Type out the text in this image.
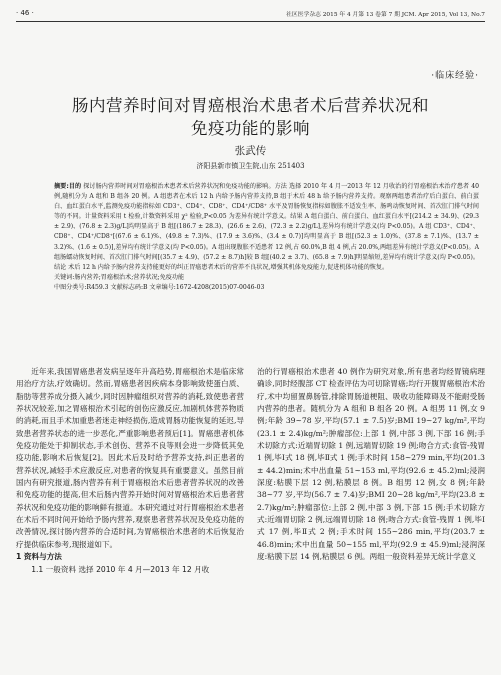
· 46 ·	社区医学杂志 2015 年 4 月第 13 卷第 7 期 JCM. Apr 2015, Vol 13, No.7
·临床经验·
肠内营养时间对胃癌根治术患者术后营养状况和
免疫功能的影响
张武传
济阳县新市镇卫生院,山东 251403

摘要:目的 探讨肠内营养时间对胃癌根治术患者术后营养状况和免疫功能的影响。方法 选择 2010 年 4 月一2013 年 12 月收治的行胃癌根治术治疗患者 40 例,随机分为 A 组和 B 组各 20 例。A 组患者在术后 12 h 内给予肠内营养支持,B 组于术后 48 h 给予肠内营养支持。观察两组患者治疗后白蛋白、前白蛋白、血红蛋白水平,监测免疫功能指标如 CD3⁺、CD4⁺、CD8⁺、CD4⁺/CD8⁺ 水平及胃肠恢复指标如腹胀不适发生率、肠鸣动恢复时间、首次肛门排气时间等的不同。计量资料采用 t 检验,计数资料采用 χ² 检验,P<0.05 为差异有统计学意义。结果 A 组白蛋白、前白蛋白、血红蛋白水平[(214.2 ± 34.9)、(29.3 ± 2.9)、(76.8 ± 2.3)g/L]均明显高于 B 组[(186.7 ± 28.3)、(26.6 ± 2.6)、(72.3 ± 2.2)g/L],差异均有统计学意义(均 P<0.05)。A 组 CD3⁺、CD4⁺、CD8⁺、CD4⁺/CD8⁺[(67.6 ± 6.1)%、(49.8 ± 7.3)%、(17.9 ± 3.6)%、(3.4 ± 0.7)]均明显高于 B 组[(52.3 ± 1.0)%、(37.8 ± 7.1)%、(13.7 ± 3.2)%、(1.6 ± 0.5)],差异均有统计学意义(均 P<0.05)。A 组出现腹胀不适患者 12 例,占 60.0%,B 组 4 例,占 20.0%,两组差异有统计学意义(P<0.05)。A 组肠蠕动恢复时间、首次肛门排气时间[(35.7 ± 4.9)、(57.2 ± 8.7)h]较 B 组[(40.2 ± 3.7)、(65.8 ± 7.9)h]明显缩短,差异均有统计学意义(均 P<0.05)。结论 术后 12 h 内给予肠内营养支持能更好的纠正胃癌患者术后的营养不良状况,增强其机体免疫能力,促进机体功能的恢复。

关键词:肠内营养;胃癌根治术;营养状况;免疫功能

中图分类号:R459.3 文献标志码:B 文章编号:1672-4208(2015)07-0046-03

近年来,我国胃癌患者发病呈逐年升高趋势,胃癌根治术是临床常用治疗方法,疗效确切。然而,胃癌患者因疾病本身影响致使蛋白质、脂肪等营养成分摄入减少,同时因肿瘤组织对营养的消耗,致使患者营养状况较差,加之胃癌根治术引起的创伤应激反应,加剧机体营养物质的消耗,而且手术加重患者迷走神经损伤,造成胃肠功能恢复的延迟,导致患者营养状态的进一步恶化,严重影响患者预后[1]。胃癌患者机体免疫功能处于抑制状态,手术创伤、营养不良等则会进一步降低其免疫功能,影响术后恢复[2]。因此术后及时给予营养支持,纠正患者的营养状况,减轻手术应激反应,对患者的恢复具有重要意义。虽然目前国内有研究报道,肠内营养有利于胃癌根治术后患者营养状况的改善和免疫功能的提高,但术后肠内营养开始时间对胃癌根治术后患者营养状况和免疫功能的影响鲜有报道。本研究通过对行胃癌根治术患者在术后不同时间开始给予肠内营养,观察患者营养状况及免疫功能的改善情况,探讨肠内营养的合适时间,为胃癌根治术患者的术后恢复治疗提供临床参考,现报道如下。

1 资料与方法

1.1 一般资料 选择 2010 年 4 月—2013 年 12 月收

治的行胃癌根治术患者 40 例作为研究对象,所有患者均经胃镜病理确诊,同时经腹部 CT 检查评估为可切除胃癌;均行开腹胃癌根治术治疗,术中均留置鼻肠管,排除胃肠道梗阻、吸收功能障碍及不能耐受肠内营养的患者。随机分为 A 组和 B 组各 20 例。A 组男 11 例,女 9 例;年龄 39~78 岁,平均(57.1 ± 7.5)岁;BMI 19~27 kg/m²,平均(23.1 ± 2.4)kg/m²;肿瘤部位:上部 1 例,中部 3 例,下部 16 例;手术切除方式:近端胃切除 1 例,远端胃切除 19 例;吻合方式:食管-残胃 1 例,毕Ⅰ式 18 例,毕Ⅱ式 1 例;手术时间 158~279 min,平均(201.3 ± 44.2)min;术中出血量 51~153 ml,平均(92.6 ± 45.2)ml;浸润深度:粘膜下层 12 例,粘膜层 8 例。B 组男 12 例,女 8 例;年龄 38~77 岁,平均(56.7 ± 7.4)岁;BMI 20~28 kg/m²,平均(23.8 ± 2.7)kg/m²;肿瘤部位:上部 2 例,中部 3 例,下部 15 例;手术切除方式:近端胃切除 2 例,远端胃切除 18 例;吻合方式:食管-残胃 1 例,毕Ⅰ式 17 例,毕Ⅱ式 2 例;手术时间 155~286 min,平均(203.7 ± 46.8)min;术中出血量 50~155 ml,平均(92.9 ± 45.9)ml;浸润深度:粘膜下层 14 例,粘膜层 6 例。两组一般资料差异无统计学意义
